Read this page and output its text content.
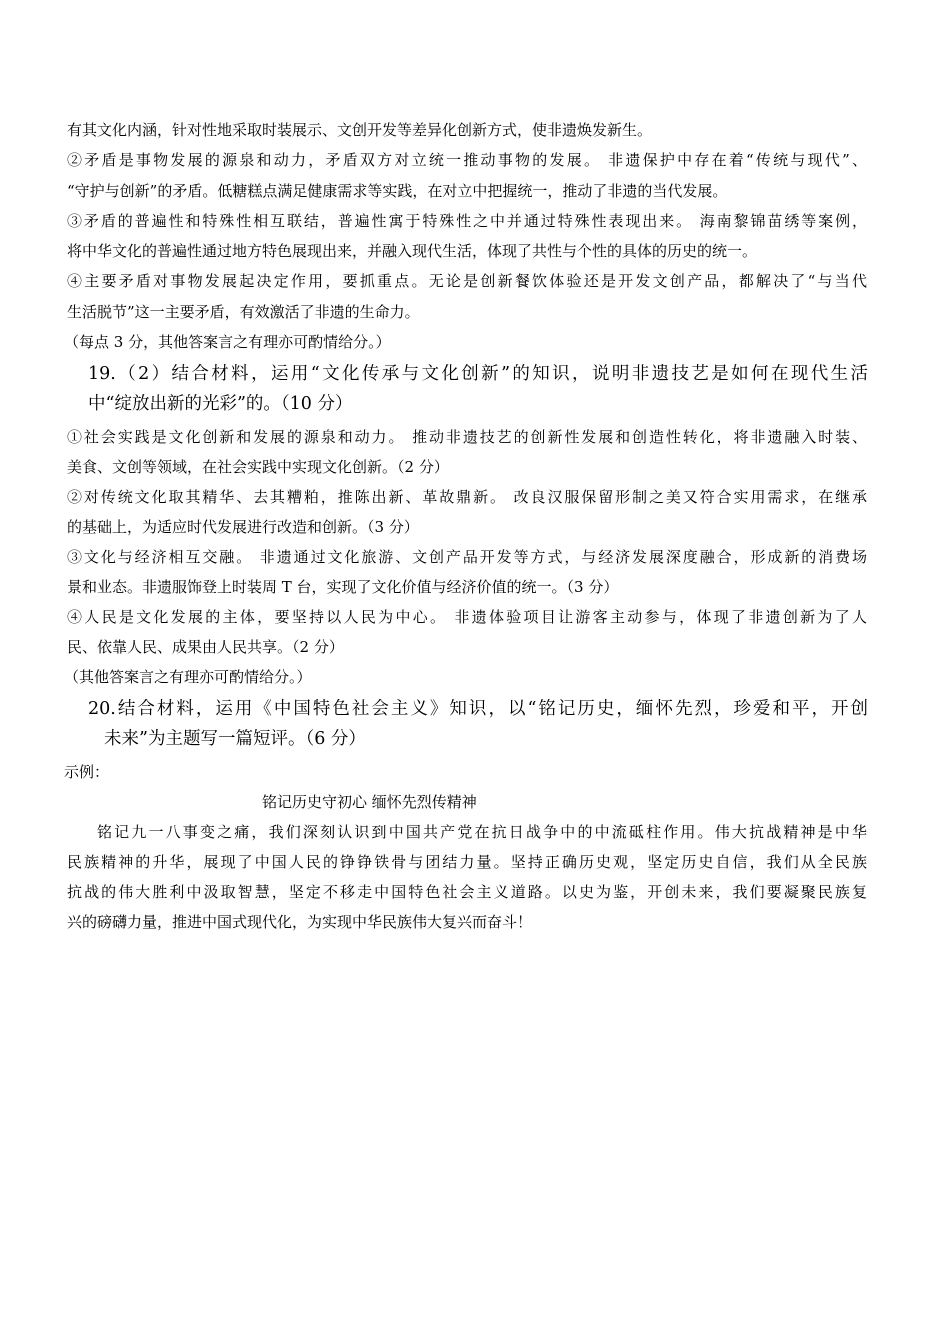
有其文化内涵，针对性地采取时装展示、文创开发等差异化创新方式，使非遗焕发新生。
②矛盾是事物发展的源泉和动力，矛盾双方对立统一推动事物的发展。 非遗保护中存在着“传统与现代”、
“守护与创新”的矛盾。低糖糕点满足健康需求等实践，在对立中把握统一，推动了非遗的当代发展。
③矛盾的普遍性和特殊性相互联结，普遍性寓于特殊性之中并通过特殊性表现出来。 海南黎锦苗绣等案例，
将中华文化的普遍性通过地方特色展现出来，并融入现代生活，体现了共性与个性的具体的历史的统一。
④主要矛盾对事物发展起决定作用，要抓重点。无论是创新餐饮体验还是开发文创产品，都解决了“与当代
生活脱节”这一主要矛盾，有效激活了非遗的生命力。
（每点 3 分，其他答案言之有理亦可酌情给分。）
19.（2）结合材料，运用“文化传承与文化创新”的知识，说明非遗技艺是如何在现代生活
中“绽放出新的光彩”的。（10 分）
①社会实践是文化创新和发展的源泉和动力。 推动非遗技艺的创新性发展和创造性转化，将非遗融入时装、
美食、文创等领域，在社会实践中实现文化创新。（2 分）
②对传统文化取其精华、去其糟粕，推陈出新、革故鼎新。 改良汉服保留形制之美又符合实用需求，在继承
的基础上，为适应时代发展进行改造和创新。（3 分）
③文化与经济相互交融。 非遗通过文化旅游、文创产品开发等方式，与经济发展深度融合，形成新的消费场
景和业态。非遗服饰登上时装周 T 台，实现了文化价值与经济价值的统一。（3 分）
④人民是文化发展的主体，要坚持以人民为中心。 非遗体验项目让游客主动参与，体现了非遗创新为了人
民、依靠人民、成果由人民共享。（2 分）
（其他答案言之有理亦可酌情给分。）
20.结合材料，运用《中国特色社会主义》知识，以“铭记历史，缅怀先烈，珍爱和平，开创
未来”为主题写一篇短评。（6 分）
示例：
铭记历史守初心 缅怀先烈传精神
铭记九一八事变之痛，我们深刻认识到中国共产党在抗日战争中的中流砥柱作用。伟大抗战精神是中华
民族精神的升华，展现了中国人民的铮铮铁骨与团结力量。坚持正确历史观，坚定历史自信，我们从全民族
抗战的伟大胜利中汲取智慧，坚定不移走中国特色社会主义道路。以史为鉴，开创未来，我们要凝聚民族复
兴的磅礴力量，推进中国式现代化，为实现中华民族伟大复兴而奋斗！
